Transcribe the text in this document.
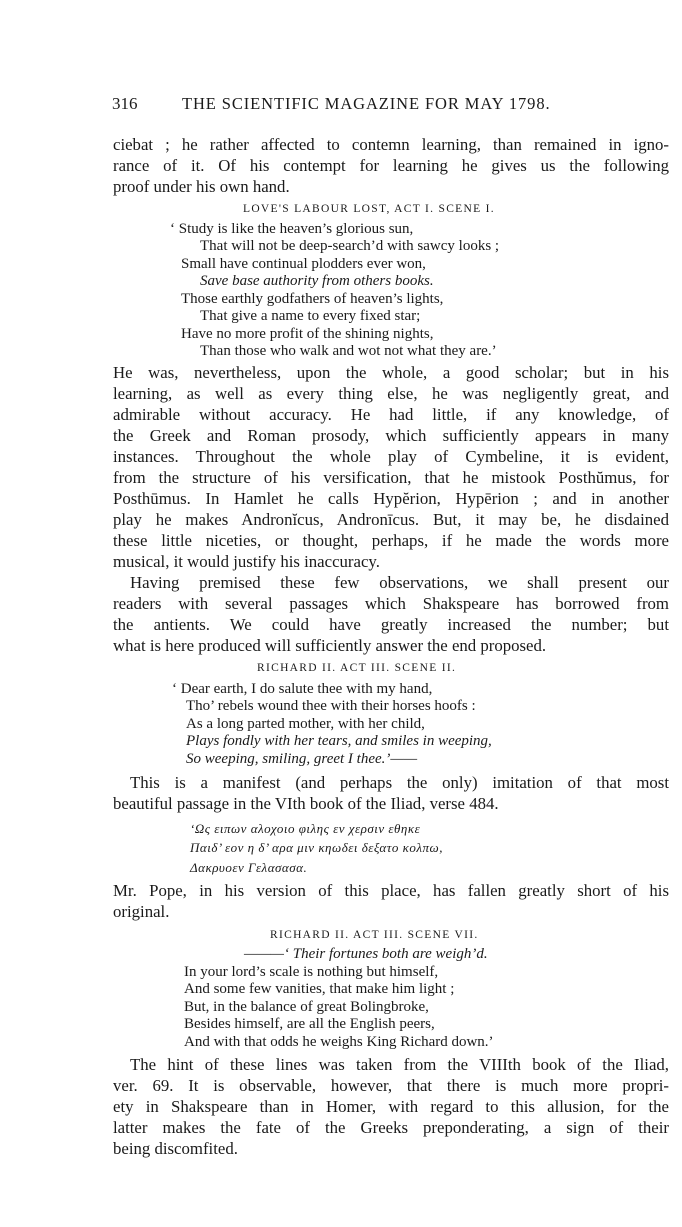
316	THE SCIENTIFIC MAGAZINE FOR MAY 1798.
ciebat ; he rather affected to contemn learning, than remained in igno-
rance of it. Of his contempt for learning he gives us the following
proof under his own hand.
LOVE'S LABOUR LOST, ACT I. SCENE I.
‘ Study is like the heaven’s glorious sun,
That will not be deep-search’d with sawcy looks ;
Small have continual plodders ever won,
Save base authority from others books.
Those earthly godfathers of heaven’s lights,
That give a name to every fixed star;
Have no more profit of the shining nights,
Than those who walk and wot not what they are.’
He was, nevertheless, upon the whole, a good scholar; but in his
learning, as well as every thing else, he was negligently great, and
admirable without accuracy. He had little, if any knowledge, of
the Greek and Roman prosody, which sufficiently appears in many
instances. Throughout the whole play of Cymbeline, it is evident,
from the structure of his versification, that he mistook Posthŭmus, for
Posthūmus. In Hamlet he calls Hypĕrion, Hypērion ; and in another
play he makes Andronĭcus, Andronīcus. But, it may be, he disdained
these little niceties, or thought, perhaps, if he made the words more
musical, it would justify his inaccuracy.
Having premised these few observations, we shall present our
readers with several passages which Shakspeare has borrowed from
the antients. We could have greatly increased the number; but
what is here produced will sufficiently answer the end proposed.
RICHARD II. ACT III. SCENE II.
‘ Dear earth, I do salute thee with my hand,
Tho’ rebels wound thee with their horses hoofs :
As a long parted mother, with her child,
Plays fondly with her tears, and smiles in weeping,
So weeping, smiling, greet I thee.’——
This is a manifest (and perhaps the only) imitation of that most
beautiful passage in the VIth book of the Iliad, verse 484.
‘Ως ειπων αλοχοιο φιλης εν χερσιν εθηκε
Παιδ’ εον η δ’ αρα μιν κηωδει δεξατο κολπω,
Δακρυοεν Γελασασα.
Mr. Pope, in his version of this place, has fallen greatly short of his
original.
RICHARD II. ACT III. SCENE VII.
———‘ Their fortunes both are weigh’d.
In your lord’s scale is nothing but himself,
And some few vanities, that make him light ;
But, in the balance of great Bolingbroke,
Besides himself, are all the English peers,
And with that odds he weighs King Richard down.’
The hint of these lines was taken from the VIIIth book of the Iliad,
ver. 69. It is observable, however, that there is much more propri-
ety in Shakspeare than in Homer, with regard to this allusion, for the
latter makes the fate of the Greeks preponderating, a sign of their
being discomfited.
